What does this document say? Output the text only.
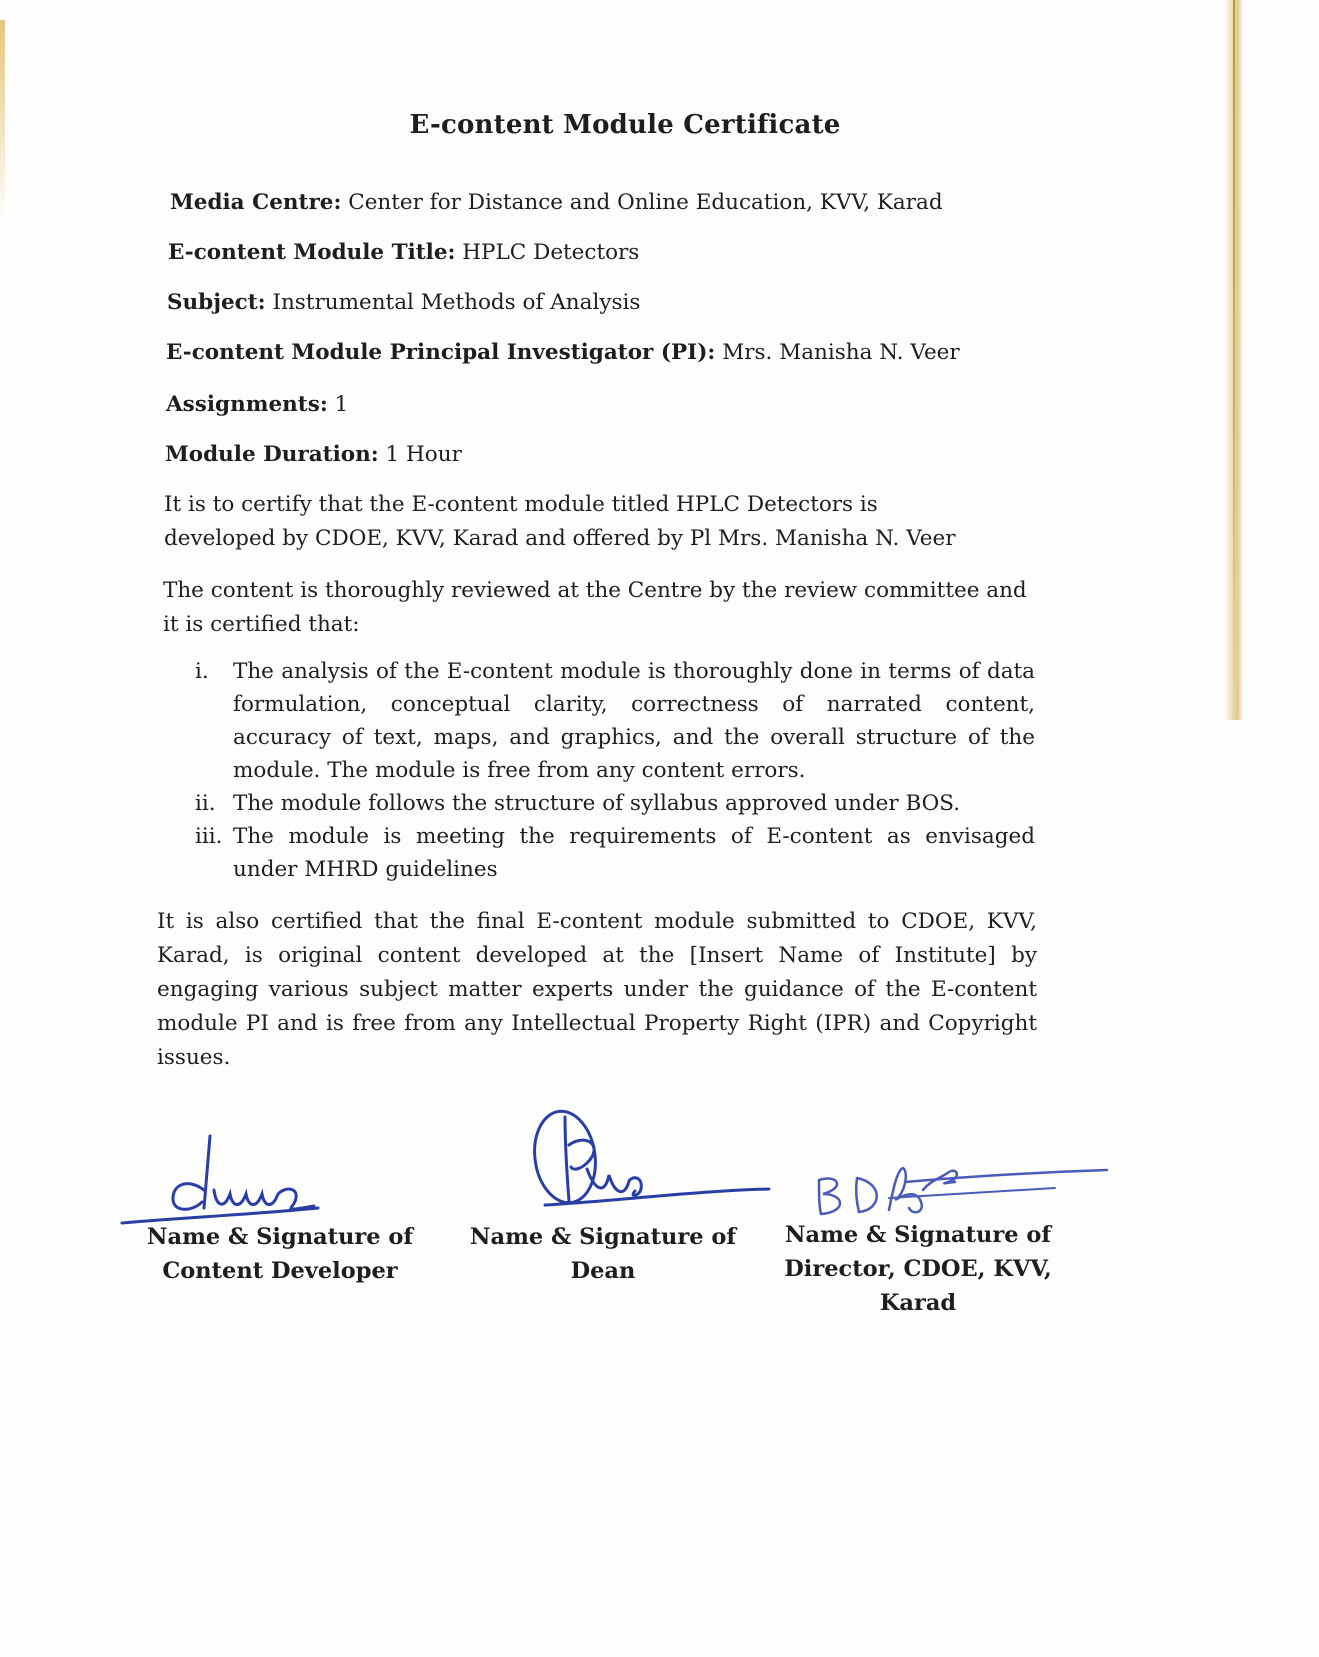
E-content Module Certificate
Media Centre: Center for Distance and Online Education, KVV, Karad
E-content Module Title: HPLC Detectors
Subject: Instrumental Methods of Analysis
E-content Module Principal Investigator (PI): Mrs. Manisha N. Veer
Assignments: 1
Module Duration: 1 Hour
It is to certify that the E-content module titled HPLC Detectors is developed by CDOE, KVV, Karad and offered by Pl Mrs. Manisha N. Veer
The content is thoroughly reviewed at the Centre by the review committee and it is certified that:
i. The analysis of the E-content module is thoroughly done in terms of data formulation, conceptual clarity, correctness of narrated content, accuracy of text, maps, and graphics, and the overall structure of the module. The module is free from any content errors.
ii. The module follows the structure of syllabus approved under BOS.
iii. The module is meeting the requirements of E-content as envisaged under MHRD guidelines
It is also certified that the final E-content module submitted to CDOE, KVV, Karad, is original content developed at the [Insert Name of Institute] by engaging various subject matter experts under the guidance of the E-content module PI and is free from any Intellectual Property Right (IPR) and Copyright issues.
Name & Signature of
Content Developer
Name & Signature of
Dean
Name & Signature of
Director, CDOE, KVV,
Karad
